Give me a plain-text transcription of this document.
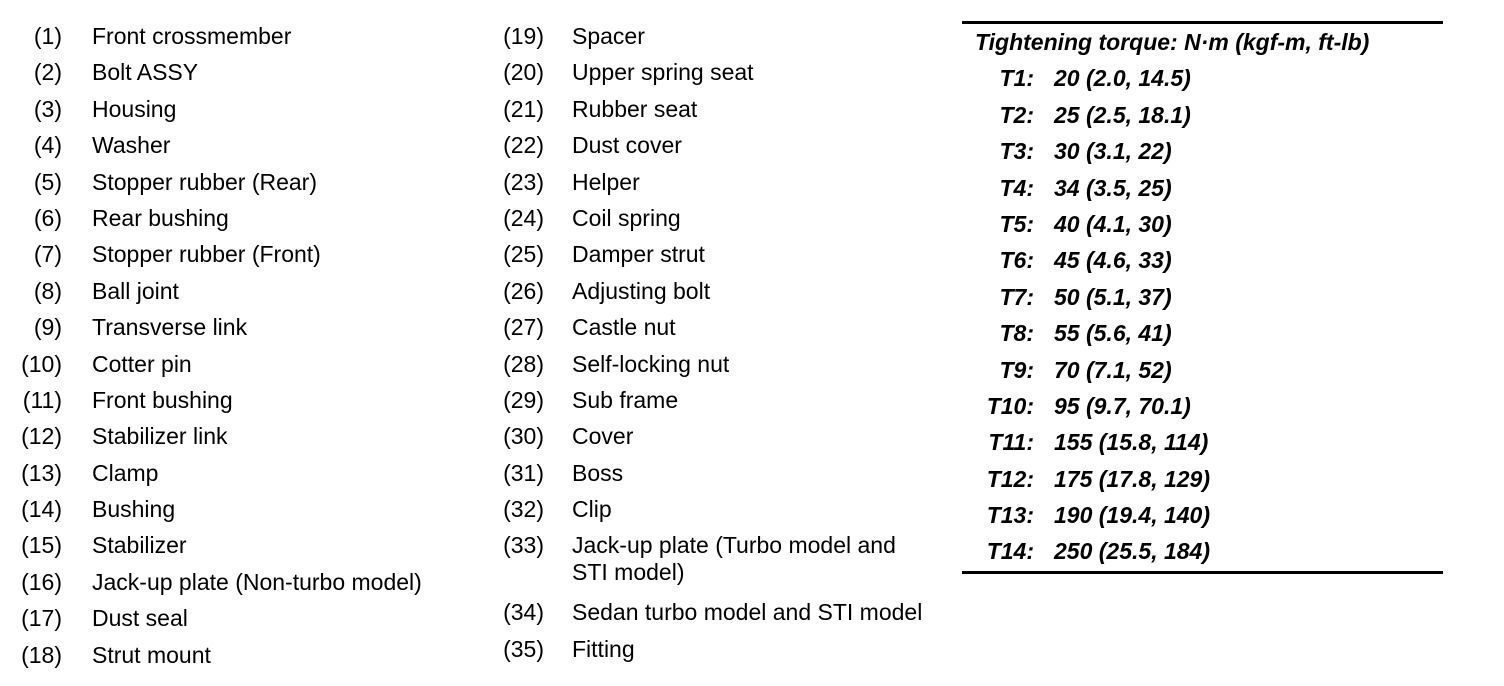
(1) Front crossmember
(2) Bolt ASSY
(3) Housing
(4) Washer
(5) Stopper rubber (Rear)
(6) Rear bushing
(7) Stopper rubber (Front)
(8) Ball joint
(9) Transverse link
(10) Cotter pin
(11) Front bushing
(12) Stabilizer link
(13) Clamp
(14) Bushing
(15) Stabilizer
(16) Jack-up plate (Non-turbo model)
(17) Dust seal
(18) Strut mount
(19) Spacer
(20) Upper spring seat
(21) Rubber seat
(22) Dust cover
(23) Helper
(24) Coil spring
(25) Damper strut
(26) Adjusting bolt
(27) Castle nut
(28) Self-locking nut
(29) Sub frame
(30) Cover
(31) Boss
(32) Clip
(33) Jack-up plate (Turbo model and STI model)
(34) Sedan turbo model and STI model
(35) Fitting
Tightening torque: N·m (kgf-m, ft-lb)
T1: 20 (2.0, 14.5)
T2: 25 (2.5, 18.1)
T3: 30 (3.1, 22)
T4: 34 (3.5, 25)
T5: 40 (4.1, 30)
T6: 45 (4.6, 33)
T7: 50 (5.1, 37)
T8: 55 (5.6, 41)
T9: 70 (7.1, 52)
T10: 95 (9.7, 70.1)
T11: 155 (15.8, 114)
T12: 175 (17.8, 129)
T13: 190 (19.4, 140)
T14: 250 (25.5, 184)
